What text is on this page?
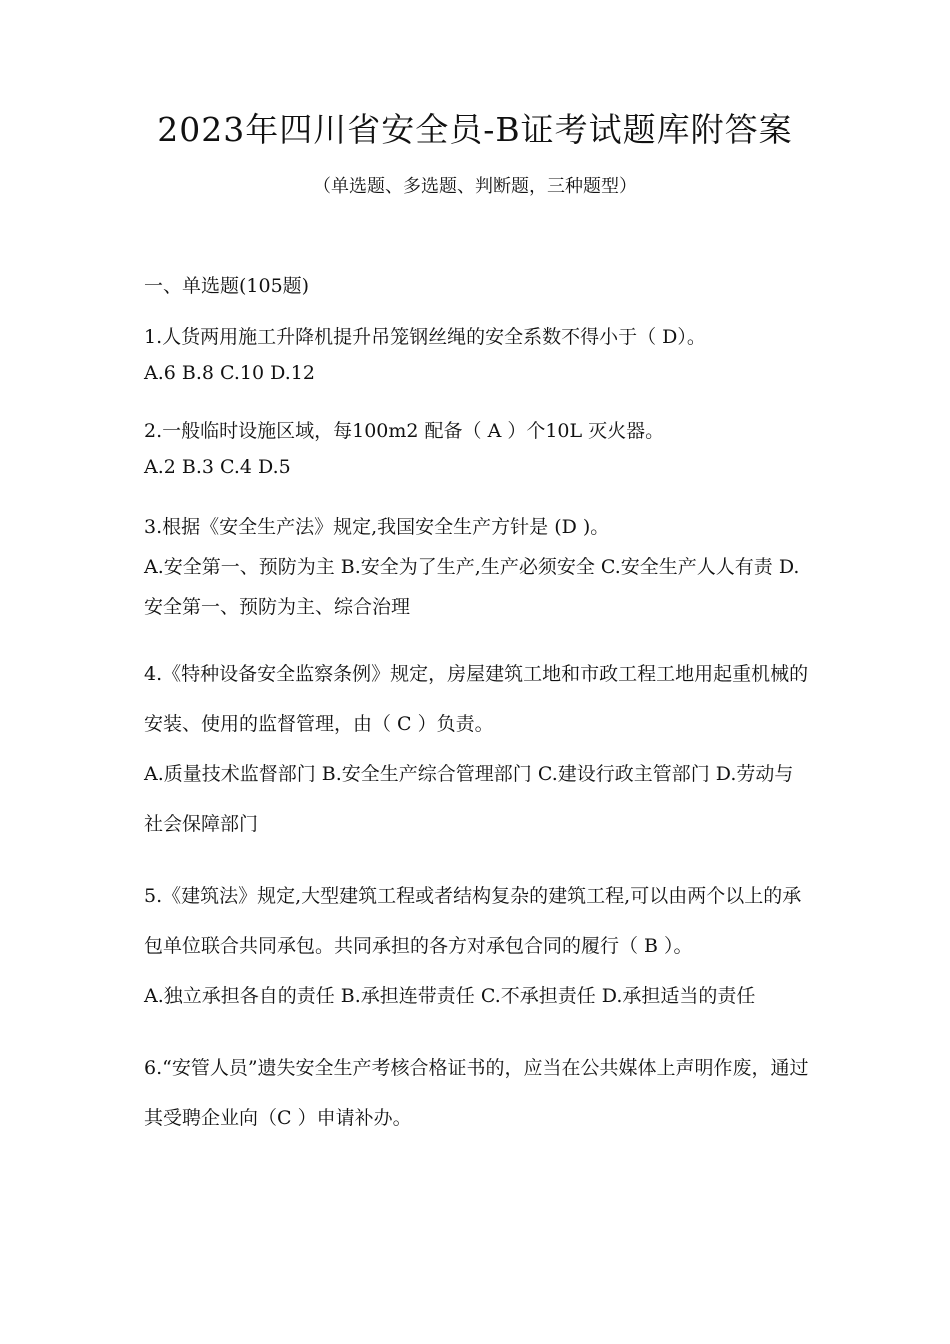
2023年四川省安全员-B证考试题库附答案

（单选题、多选题、判断题，三种题型）

一、单选题(105题)

1.人货两用施工升降机提升吊笼钢丝绳的安全系数不得小于（ D）。

A.6 B.8 C.10 D.12

2.一般临时设施区域，每100m2 配备（ A ）个10L 灭火器。

A.2 B.3 C.4 D.5

3.根据《安全生产法》规定,我国安全生产方针是 (D )。

A.安全第一、预防为主 B.安全为了生产,生产必须安全 C.安全生产人人有责 D.安全第一、预防为主、综合治理

4.《特种设备安全监察条例》规定，房屋建筑工地和市政工程工地用起重机械的安装、使用的监督管理，由（ C ）负责。

A.质量技术监督部门 B.安全生产综合管理部门 C.建设行政主管部门 D.劳动与社会保障部门

5.《建筑法》规定,大型建筑工程或者结构复杂的建筑工程,可以由两个以上的承包单位联合共同承包。共同承担的各方对承包合同的履行（ B ）。

A.独立承担各自的责任 B.承担连带责任 C.不承担责任 D.承担适当的责任

6.“安管人员”遗失安全生产考核合格证书的，应当在公共媒体上声明作废，通过其受聘企业向（C ）申请补办。
